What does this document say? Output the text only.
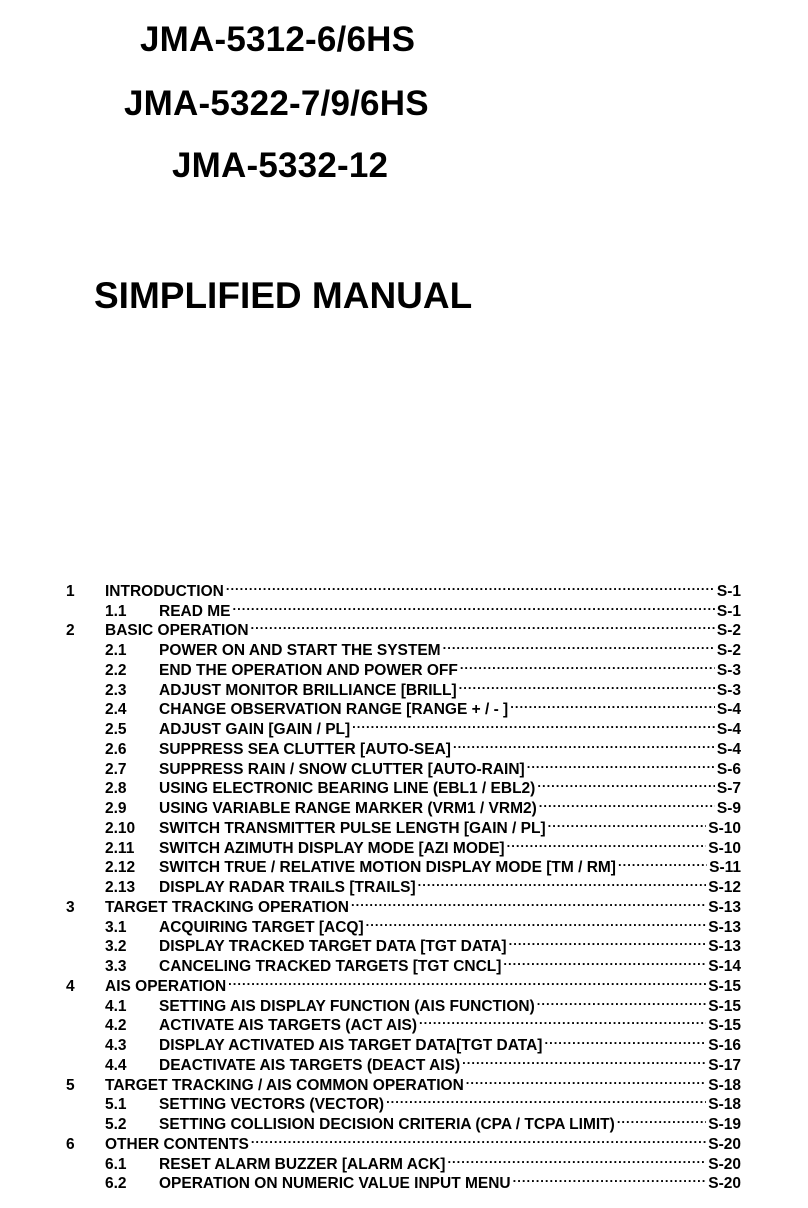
JMA-5312-6/6HS
JMA-5322-7/9/6HS
JMA-5332-12
SIMPLIFIED MANUAL
1	INTRODUCTION .....	S-1
1.1	READ ME .....	S-1
2	BASIC OPERATION .....	S-2
2.1	POWER ON AND START THE SYSTEM .....	S-2
2.2	END THE OPERATION AND POWER OFF .....	S-3
2.3	ADJUST MONITOR BRILLIANCE [BRILL] .....	S-3
2.4	CHANGE OBSERVATION RANGE [RANGE + / - ] .....	S-4
2.5	ADJUST GAIN [GAIN / PL] .....	S-4
2.6	SUPPRESS SEA CLUTTER [AUTO-SEA] .....	S-4
2.7	SUPPRESS RAIN / SNOW CLUTTER [AUTO-RAIN] .....	S-6
2.8	USING ELECTRONIC BEARING LINE (EBL1 / EBL2) .....	S-7
2.9	USING VARIABLE RANGE MARKER (VRM1 / VRM2) .....	S-9
2.10	SWITCH TRANSMITTER PULSE LENGTH [GAIN / PL] .....	S-10
2.11	SWITCH AZIMUTH DISPLAY MODE [AZI MODE] .....	S-10
2.12	SWITCH TRUE / RELATIVE MOTION DISPLAY MODE [TM / RM] .....	S-11
2.13	DISPLAY RADAR TRAILS [TRAILS] .....	S-12
3	TARGET TRACKING OPERATION .....	S-13
3.1	ACQUIRING TARGET [ACQ] .....	S-13
3.2	DISPLAY TRACKED TARGET DATA [TGT DATA] .....	S-13
3.3	CANCELING TRACKED TARGETS [TGT CNCL] .....	S-14
4	AIS OPERATION .....	S-15
4.1	SETTING AIS DISPLAY FUNCTION (AIS FUNCTION) .....	S-15
4.2	ACTIVATE AIS TARGETS (ACT AIS) .....	S-15
4.3	DISPLAY ACTIVATED AIS TARGET DATA[TGT DATA] .....	S-16
4.4	DEACTIVATE AIS TARGETS (DEACT AIS) .....	S-17
5	TARGET TRACKING / AIS COMMON OPERATION .....	S-18
5.1	SETTING VECTORS (VECTOR) .....	S-18
5.2	SETTING COLLISION DECISION CRITERIA (CPA / TCPA LIMIT) .....	S-19
6	OTHER CONTENTS .....	S-20
6.1	RESET ALARM BUZZER [ALARM ACK] .....	S-20
6.2	OPERATION ON NUMERIC VALUE INPUT MENU .....	S-20
